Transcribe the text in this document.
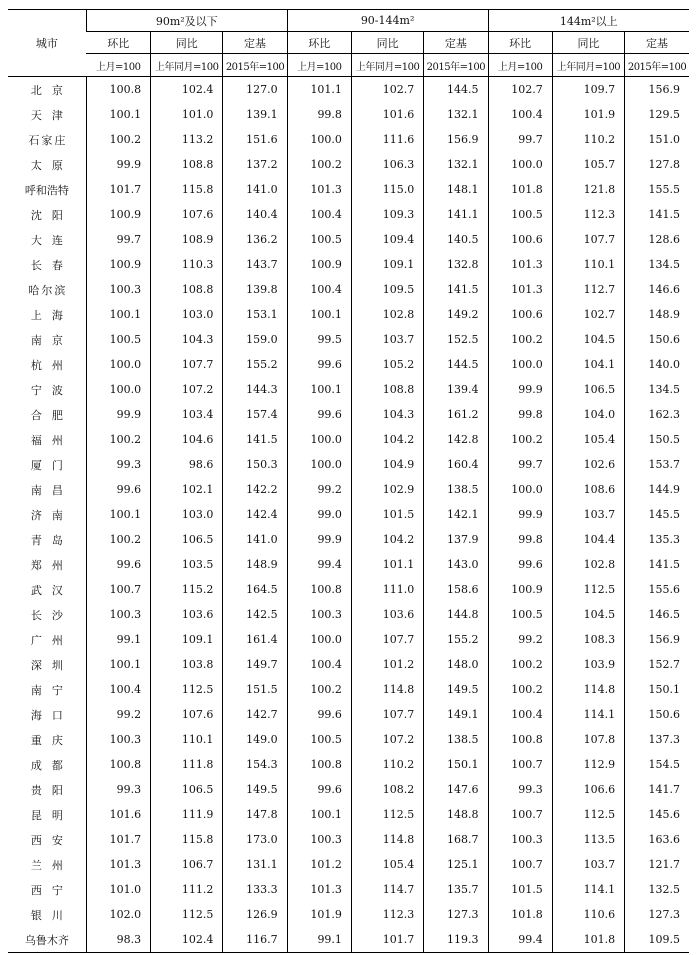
城市	90m²及以下			90-144m²			144m²以上		
	环比	同比	定基	环比	同比	定基	环比	同比	定基
	上月=100	上年同月=100	2015年=100	上月=100	上年同月=100	2015年=100	上月=100	上年同月=100	2015年=100
北京	100.8	102.4	127.0	101.1	102.7	144.5	102.7	109.7	156.9
天津	100.1	101.0	139.1	99.8	101.6	132.1	100.4	101.9	129.5
石家庄	100.2	113.2	151.6	100.0	111.6	156.9	99.7	110.2	151.0
太原	99.9	108.8	137.2	100.2	106.3	132.1	100.0	105.7	127.8
呼和浩特	101.7	115.8	141.0	101.3	115.0	148.1	101.8	121.8	155.5
沈阳	100.9	107.6	140.4	100.4	109.3	141.1	100.5	112.3	141.5
大连	99.7	108.9	136.2	100.5	109.4	140.5	100.6	107.7	128.6
长春	100.9	110.3	143.7	100.9	109.1	132.8	101.3	110.1	134.5
哈尔滨	100.3	108.8	139.8	100.4	109.5	141.5	101.3	112.7	146.6
上海	100.1	103.0	153.1	100.1	102.8	149.2	100.6	102.7	148.9
南京	100.5	104.3	159.0	99.5	103.7	152.5	100.2	104.5	150.6
杭州	100.0	107.7	155.2	99.6	105.2	144.5	100.0	104.1	140.0
宁波	100.0	107.2	144.3	100.1	108.8	139.4	99.9	106.5	134.5
合肥	99.9	103.4	157.4	99.6	104.3	161.2	99.8	104.0	162.3
福州	100.2	104.6	141.5	100.0	104.2	142.8	100.2	105.4	150.5
厦门	99.3	98.6	150.3	100.0	104.9	160.4	99.7	102.6	153.7
南昌	99.6	102.1	142.2	99.2	102.9	138.5	100.0	108.6	144.9
济南	100.1	103.0	142.4	99.0	101.5	142.1	99.9	103.7	145.5
青岛	100.2	106.5	141.0	99.9	104.2	137.9	99.8	104.4	135.3
郑州	99.6	103.5	148.9	99.4	101.1	143.0	99.6	102.8	141.5
武汉	100.7	115.2	164.5	100.8	111.0	158.6	100.9	112.5	155.6
长沙	100.3	103.6	142.5	100.3	103.6	144.8	100.5	104.5	146.5
广州	99.1	109.1	161.4	100.0	107.7	155.2	99.2	108.3	156.9
深圳	100.1	103.8	149.7	100.4	101.2	148.0	100.2	103.9	152.7
南宁	100.4	112.5	151.5	100.2	114.8	149.5	100.2	114.8	150.1
海口	99.2	107.6	142.7	99.6	107.7	149.1	100.4	114.1	150.6
重庆	100.3	110.1	149.0	100.5	107.2	138.5	100.8	107.8	137.3
成都	100.8	111.8	154.3	100.8	110.2	150.1	100.7	112.9	154.5
贵阳	99.3	106.5	149.5	99.6	108.2	147.6	99.3	106.6	141.7
昆明	101.6	111.9	147.8	100.1	112.5	148.8	100.7	112.5	145.6
西安	101.7	115.8	173.0	100.3	114.8	168.7	100.3	113.5	163.6
兰州	101.3	106.7	131.1	101.2	105.4	125.1	100.7	103.7	121.7
西宁	101.0	111.2	133.3	101.3	114.7	135.7	101.5	114.1	132.5
银川	102.0	112.5	126.9	101.9	112.3	127.3	101.8	110.6	127.3
乌鲁木齐	98.3	102.4	116.7	99.1	101.7	119.3	99.4	101.8	109.5
